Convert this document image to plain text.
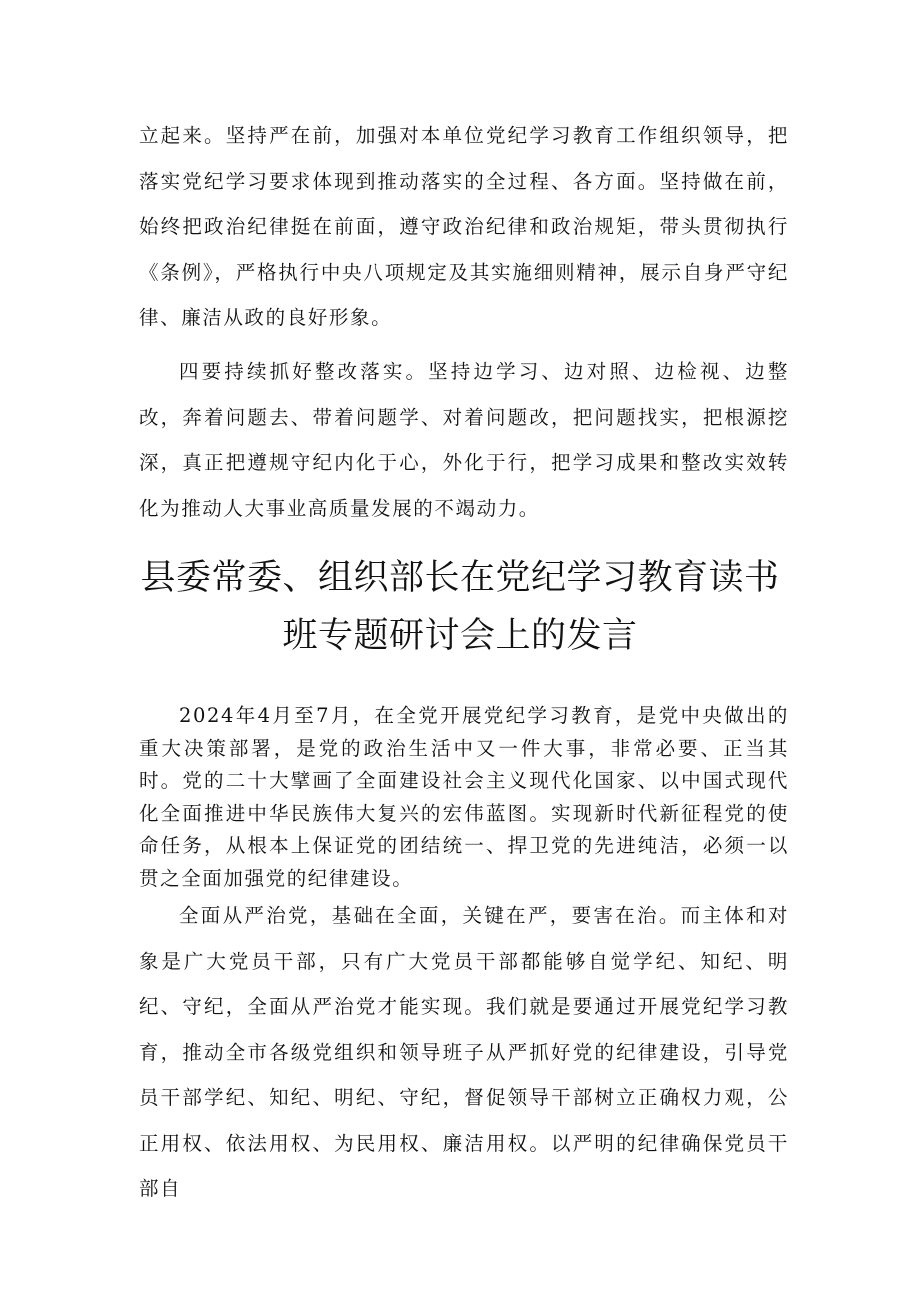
立起来。坚持严在前，加强对本单位党纪学习教育工作组织领导，把落实党纪学习要求体现到推动落实的全过程、各方面。坚持做在前，始终把政治纪律挺在前面，遵守政治纪律和政治规矩，带头贯彻执行《条例》，严格执行中央八项规定及其实施细则精神，展示自身严守纪律、廉洁从政的良好形象。

四要持续抓好整改落实。坚持边学习、边对照、边检视、边整改，奔着问题去、带着问题学、对着问题改，把问题找实，把根源挖深，真正把遵规守纪内化于心，外化于行，把学习成果和整改实效转化为推动人大事业高质量发展的不竭动力。

县委常委、组织部长在党纪学习教育读书
班专题研讨会上的发言

2024年4月至7月，在全党开展党纪学习教育，是党中央做出的重大决策部署，是党的政治生活中又一件大事，非常必要、正当其时。党的二十大擘画了全面建设社会主义现代化国家、以中国式现代化全面推进中华民族伟大复兴的宏伟蓝图。实现新时代新征程党的使命任务，从根本上保证党的团结统一、捍卫党的先进纯洁，必须一以贯之全面加强党的纪律建设。

全面从严治党，基础在全面，关键在严，要害在治。而主体和对象是广大党员干部，只有广大党员干部都能够自觉学纪、知纪、明纪、守纪，全面从严治党才能实现。我们就是要通过开展党纪学习教育，推动全市各级党组织和领导班子从严抓好党的纪律建设，引导党员干部学纪、知纪、明纪、守纪，督促领导干部树立正确权力观，公正用权、依法用权、为民用权、廉洁用权。以严明的纪律确保党员干部自
